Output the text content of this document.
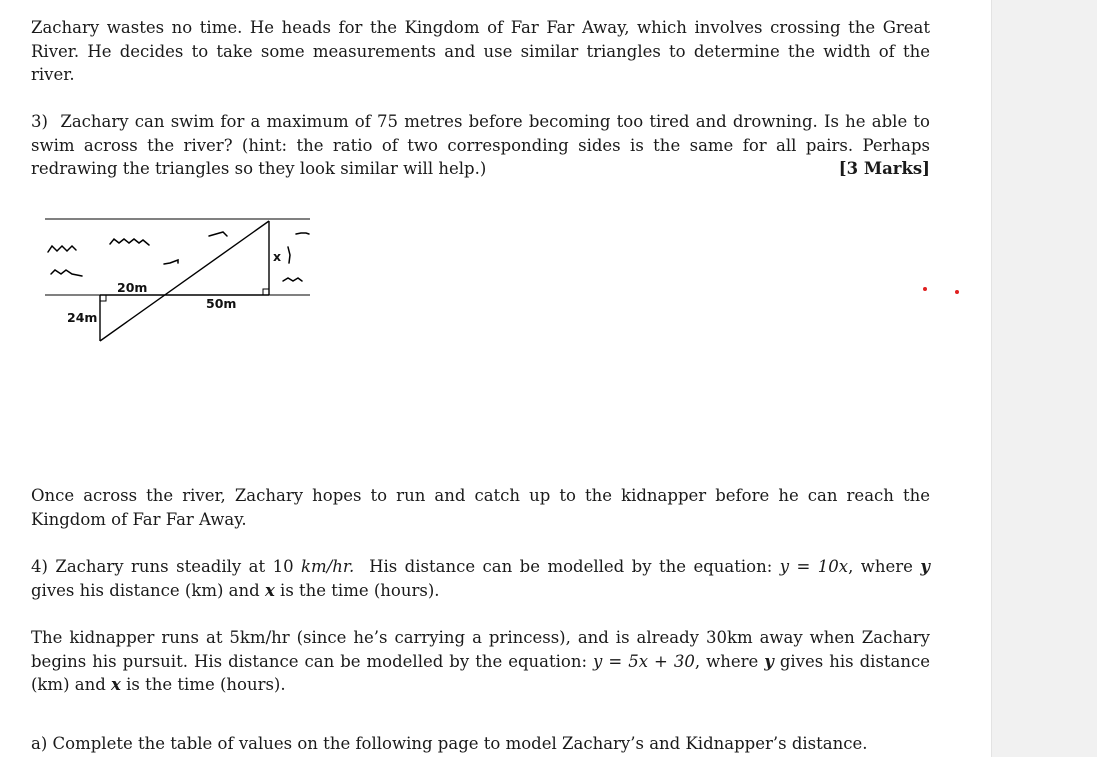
Zachary wastes no time. He heads for the Kingdom of Far Far Away, which involves crossing the Great River. He decides to take some measurements and use similar triangles to determine the width of the river.

3) Zachary can swim for a maximum of 75 metres before becoming too tired and drowning. Is he able to swim across the river? (hint: the ratio of two corresponding sides is the same for all pairs. Perhaps redrawing the triangles so they look similar will help.)	[3 Marks]

20m
50m
24m
x

Once across the river, Zachary hopes to run and catch up to the kidnapper before he can reach the Kingdom of Far Far Away.

4) Zachary runs steadily at 10 km/hr.  His distance can be modelled by the equation: y = 10x, where y gives his distance (km) and x is the time (hours).

The kidnapper runs at 5km/hr (since he’s carrying a princess), and is already 30km away when Zachary begins his pursuit. His distance can be modelled by the equation: y = 5x + 30, where y gives his distance (km) and x is the time (hours).

a) Complete the table of values on the following page to model Zachary’s and Kidnapper’s distance.
